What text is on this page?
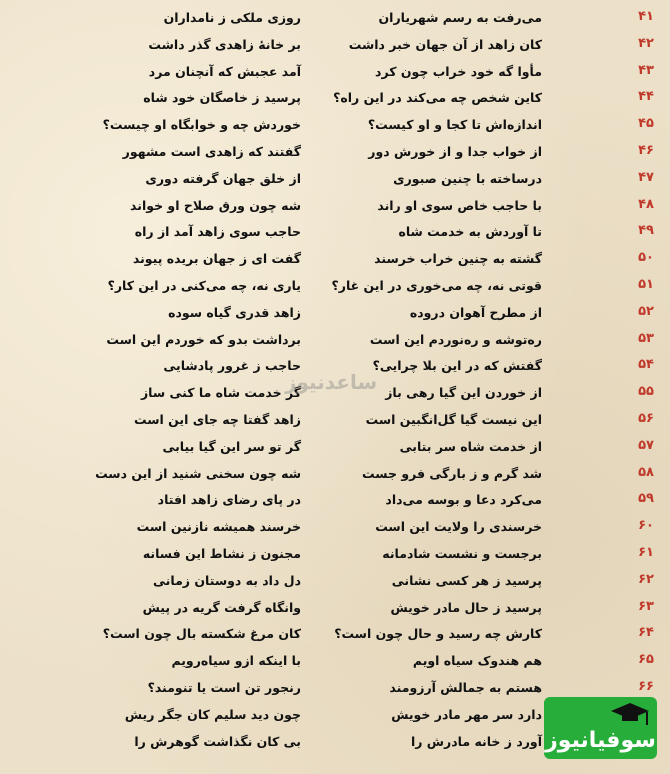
۴۱
روزی ملکی ز نامداران	می‌رفت به رسم شهریاران
۴۲
بر خانهٔ زاهدی گذر داشت	کان زاهد از آن جهان خبر داشت
۴۳
آمد عجبش که آنچنان مرد	مأوا گه خود خراب چون کرد
۴۴
پرسید ز خاصگان خود شاه	کاین شخص چه می‌کند در این راه؟
۴۵
خوردش چه و خوابگاه او چیست؟	اندازه‌اش تا کجا و او کیست؟
۴۶
گفتند که زاهدی است مشهور	از خواب جدا و از خورش دور
۴۷
از خلق جهان گرفته دوری	درساخته با چنین صبوری
۴۸
شه چون ورق صلاح او خواند	با حاجب خاص سوی او راند
۴۹
حاجب سوی زاهد آمد از راه	تا آوردش به خدمت شاه
۵۰
گفت ای ز جهان بریده پیوند	گشته به چنین خراب خرسند
۵۱
یاری نه، چه می‌کنی در این کار؟ قوتی نه، چه می‌خوری در این غار؟
۵۲
زاهد قدری گیاه سوده	از مطرح آهوان دروده
۵۳
برداشت بدو که خوردم این است	ره‌توشه و ره‌نوردم این است
۵۴
حاجب ز غرور پادشایی	گفتش که در این بلا چرایی؟
۵۵
گر خدمت شاه ما کنی ساز	از خوردن این گیا رهی باز
۵۶
زاهد گفتا چه جای این است	این نیست گیا گل‌انگبین است
۵۷
گر تو سر این گیا بیابی	از خدمت شاه سر بتابی
۵۸
شه چون سخنی شنید از این دست	شد گرم و ز بارگی فرو جست
۵۹
در پای رضای زاهد افتاد	می‌کرد دعا و بوسه می‌داد
۶۰
خرسند همیشه نازنین است	خرسندی را ولایت این است
۶۱
مجنون ز نشاط این فسانه	برجست و نشست شادمانه
۶۲
دل داد به دوستان زمانی	پرسید ز هر کسی نشانی
۶۳
وانگاه گرفت گریه در پیش	پرسید ز حال مادر خویش
۶۴
کان مرغ شکسته بال چون است؟	کارش چه رسید و حال چون است؟
۶۵
با اینکه ازو سیاه‌رویم	هم هندوک سیاه اویم
۶۶
رنجور تن است یا تنومند؟	هستم به جمالش آرزومند
چون دید سلیم کان جگر ریش	دارد سر مهر مادر خویش
بی کان نگذاشت گوهرش را	آورد ز خانه مادرش را
ساعدنیوز
سوفیانیوز
